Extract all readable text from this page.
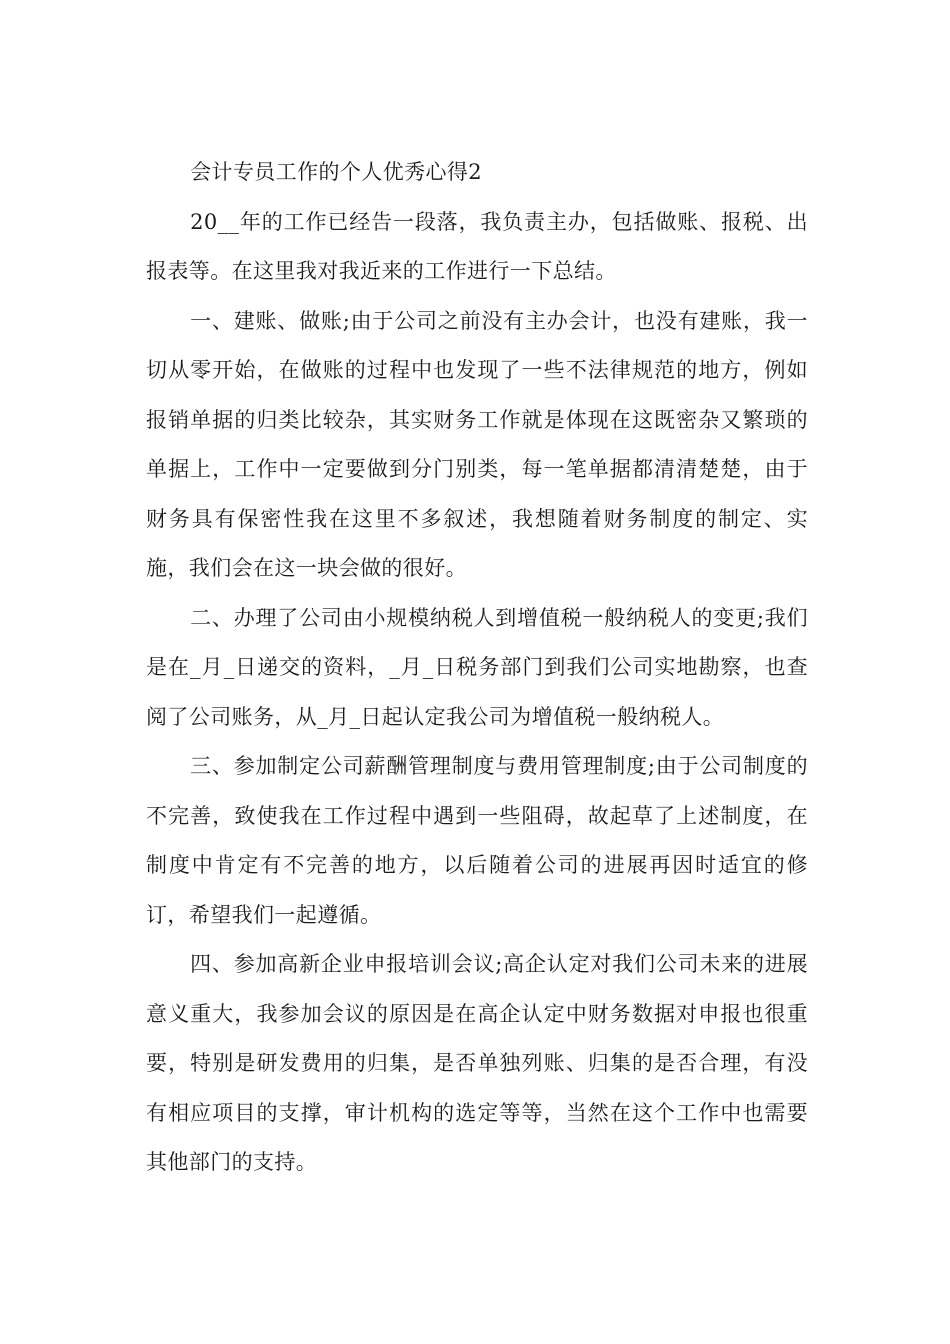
会计专员工作的个人优秀心得2

20__年的工作已经告一段落，我负责主办，包括做账、报税、出报表等。在这里我对我近来的工作进行一下总结。

一、建账、做账;由于公司之前没有主办会计，也没有建账，我一切从零开始，在做账的过程中也发现了一些不法律规范的地方，例如报销单据的归类比较杂，其实财务工作就是体现在这既密杂又繁琐的单据上，工作中一定要做到分门别类，每一笔单据都清清楚楚，由于财务具有保密性我在这里不多叙述，我想随着财务制度的制定、实施，我们会在这一块会做的很好。

二、办理了公司由小规模纳税人到增值税一般纳税人的变更;我们是在_月_日递交的资料，_月_日税务部门到我们公司实地勘察，也查阅了公司账务，从_月_日起认定我公司为增值税一般纳税人。

三、参加制定公司薪酬管理制度与费用管理制度;由于公司制度的不完善，致使我在工作过程中遇到一些阻碍，故起草了上述制度，在制度中肯定有不完善的地方，以后随着公司的进展再因时适宜的修订，希望我们一起遵循。

四、参加高新企业申报培训会议;高企认定对我们公司未来的进展意义重大，我参加会议的原因是在高企认定中财务数据对申报也很重要，特别是研发费用的归集，是否单独列账、归集的是否合理，有没有相应项目的支撑，审计机构的选定等等，当然在这个工作中也需要其他部门的支持。
